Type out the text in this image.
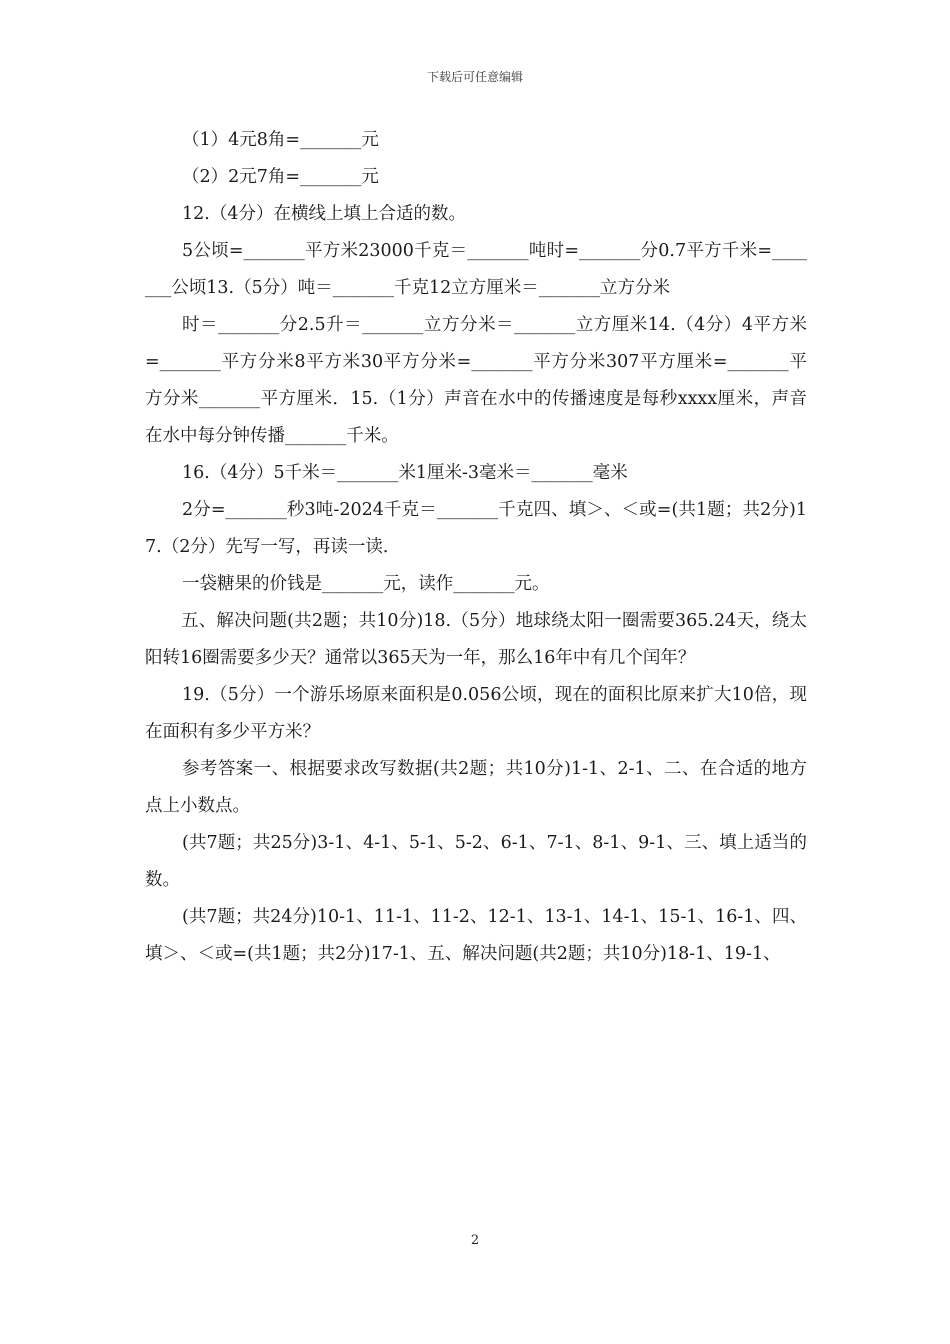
下载后可任意编辑

（1）4元8角=_______元

（2）2元7角=_______元

12.（4分）在横线上填上合适的数。

5公顷=_______平方米23000千克＝_______吨时=_______分0.7平方千米=_______公顷13.（5分）吨＝_______千克12立方厘米＝_______立方分米

时＝_______分2.5升＝_______立方分米＝_______立方厘米14.（4分）4平方米=_______平方分米8平方米30平方分米=_______平方分米307平方厘米=_______平方分米_______平方厘米．15.（1分）声音在水中的传播速度是每秒xxxx厘米，声音在水中每分钟传播_______千米。

16.（4分）5千米＝_______米1厘米-3毫米＝_______毫米

2分=_______秒3吨-2024千克＝_______千克四、填＞、＜或=(共1题；共2分)17.（2分）先写一写，再读一读．

一袋糖果的价钱是_______元，读作_______元。

五、解决问题(共2题；共10分)18.（5分）地球绕太阳一圈需要365.24天，绕太阳转16圈需要多少天？通常以365天为一年，那么16年中有几个闰年？

19.（5分）一个游乐场原来面积是0.056公顷，现在的面积比原来扩大10倍，现在面积有多少平方米？

参考答案一、根据要求改写数据(共2题；共10分)1-1、2-1、二、在合适的地方点上小数点。

(共7题；共25分)3-1、4-1、5-1、5-2、6-1、7-1、8-1、9-1、三、填上适当的数。

(共7题；共24分)10-1、11-1、11-2、12-1、13-1、14-1、15-1、16-1、四、填＞、＜或=(共1题；共2分)17-1、五、解决问题(共2题；共10分)18-1、19-1、

2
